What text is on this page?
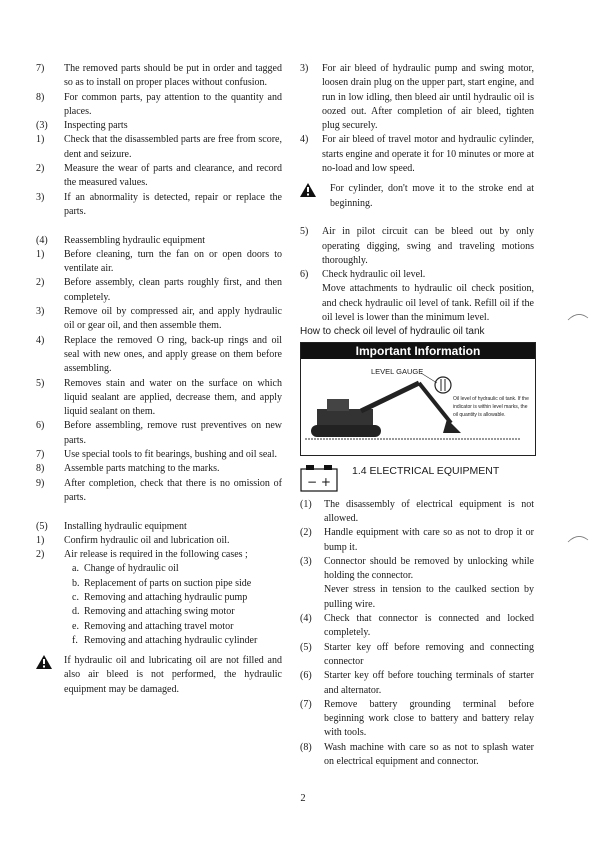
7)	The removed parts should be put in order and tagged so as to install on proper places without confusion.
8)	For common parts, pay attention to the quantity and places.
(3)	Inspecting parts
1)	Check that the disassembled parts are free from score, dent and seizure.
2)	Measure the wear of parts and clearance, and record the measured values.
3)	If an abnormality is detected, repair or replace the parts.
(4)	Reassembling hydraulic equipment
1)	Before cleaning, turn the fan on or open doors to ventilate air.
2)	Before assembly, clean parts roughly first, and then completely.
3)	Remove oil by compressed air, and apply hydraulic oil or gear oil, and then assemble them.
4)	Replace the removed O ring, back-up rings and oil seal with new ones, and apply grease on them before assembling.
5)	Removes stain and water on the surface on which liquid sealant are applied, decrease them, and apply liquid sealant on them.
6)	Before assembling, remove rust preventives on new parts.
7)	Use special tools to fit bearings, bushing and oil seal.
8)	Assemble parts matching to the marks.
9)	After completion, check that there is no omission of parts.
(5)	Installing hydraulic equipment
1)	Confirm hydraulic oil and lubrication oil.
2)	Air release is required in the following cases ;
a. Change of hydraulic oil
b. Replacement of parts on suction pipe side
c. Removing and attaching hydraulic pump
d. Removing and attaching swing motor
e. Removing and attaching travel motor
f. Removing and attaching hydraulic cylinder
If hydraulic oil and lubricating oil are not filled and also air bleed is not performed, the hydraulic equipment may be damaged.
3)	For air bleed of hydraulic pump and swing motor, loosen drain plug on the upper part, start engine, and run in low idling, then bleed air until hydraulic oil is oozed out. After completion of air bleed, tighten plug securely.
4)	For air bleed of travel motor and hydraulic cylinder, starts engine and operate it for 10 minutes or more at no-load and low speed.
For cylinder, don't move it to the stroke end at beginning.
5)	Air in pilot circuit can be bleed out by only operating digging, swing and traveling motions thoroughly.
6)	Check hydraulic oil level.
Move attachments to hydraulic oil check position, and check hydraulic oil level of tank. Refill oil if the oil level is lower than the minimum level.

How to check oil level of hydraulic oil tank

Important Information
LEVEL GAUGE
Oil level of hydraulic oil tank. If the indicator is within level marks, the oil quantity is allowable.
− +
1.4 ELECTRICAL EQUIPMENT
(1)	The disassembly of electrical equipment is not allowed.
(2)	Handle equipment with care so as not to drop it or bump it.
(3)	Connector should be removed by unlocking while holding the connector.
Never stress in tension to the caulked section by pulling wire.
(4)	Check that connector is connected and locked completely.
(5)	Starter key off before removing and connecting connector
(6)	Starter key off before touching terminals of starter and alternator.
(7)	Remove battery grounding terminal before beginning work close to battery and battery relay with tools.
(8)	Wash machine with care so as not to splash water on electrical equipment and connector.
2
